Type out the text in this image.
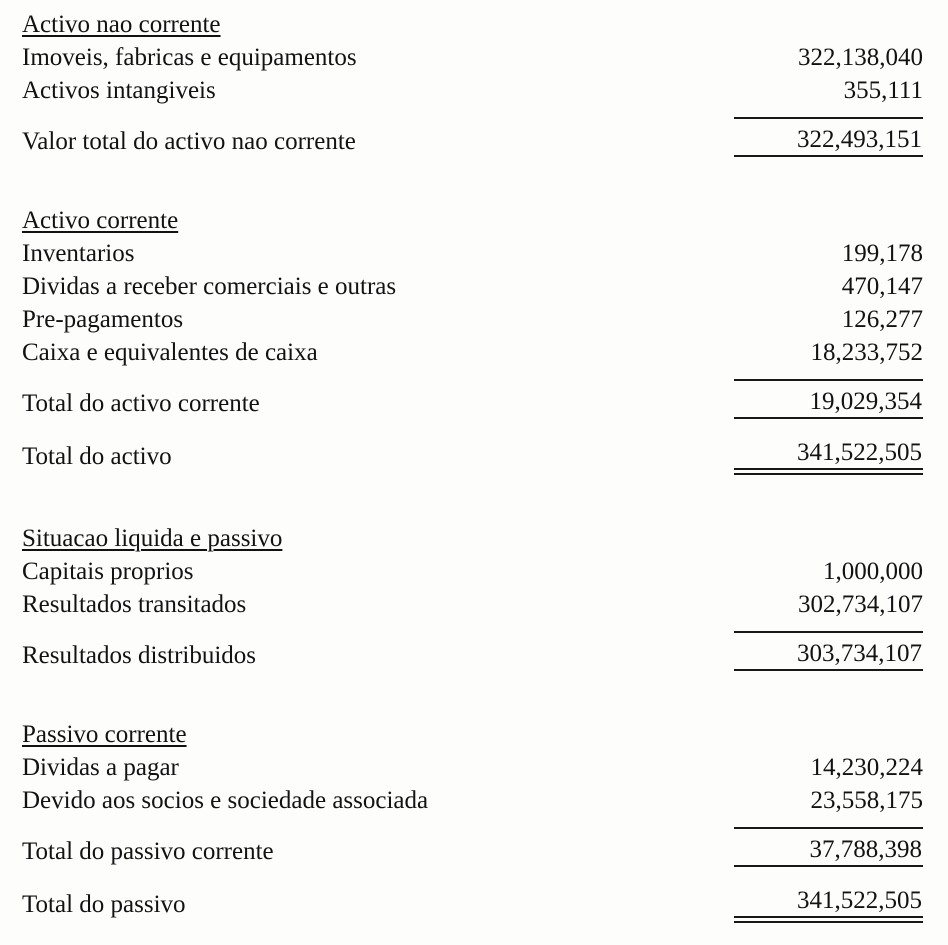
Activo nao corrente
Imoveis, fabricas e equipamentos	322,138,040
Activos intangiveis	355,111
Valor total do activo nao corrente	322,493,151
Activo corrente
Inventarios	199,178
Dividas a receber comerciais e outras	470,147
Pre-pagamentos	126,277
Caixa e equivalentes de caixa	18,233,752
Total do activo corrente	19,029,354
Total do activo	341,522,505
Situacao liquida e passivo
Capitais proprios	1,000,000
Resultados transitados	302,734,107
Resultados distribuidos	303,734,107
Passivo corrente
Dividas a pagar	14,230,224
Devido aos socios e sociedade associada	23,558,175
Total do passivo corrente	37,788,398
Total do passivo	341,522,505
